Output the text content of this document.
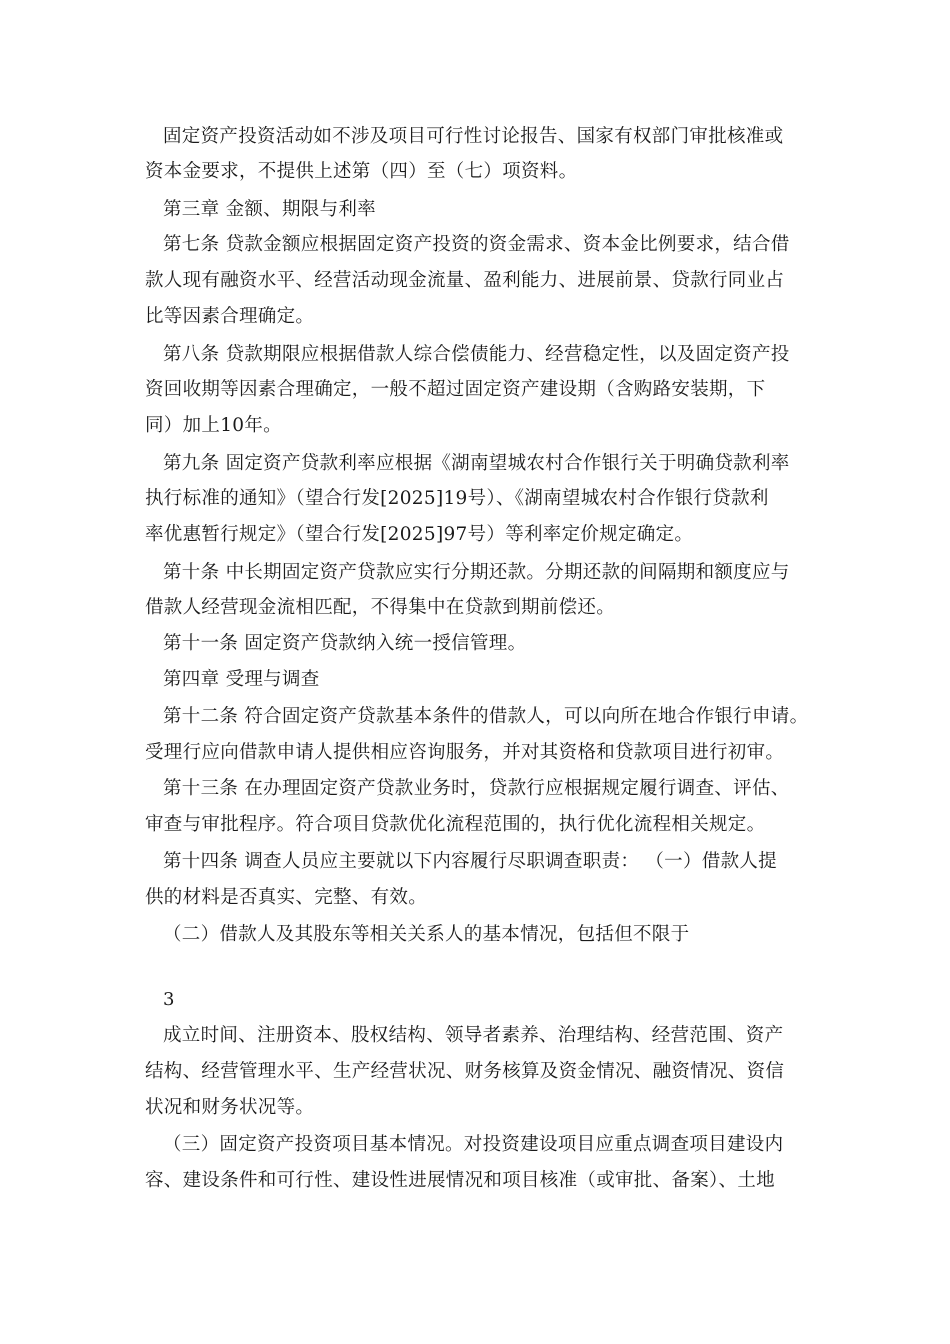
固定资产投资活动如不涉及项目可行性讨论报告、国家有权部门审批核准或
资本金要求，不提供上述第（四）至（七）项资料。
第三章 金额、期限与利率
第七条 贷款金额应根据固定资产投资的资金需求、资本金比例要求，结合借
款人现有融资水平、经营活动现金流量、盈利能力、进展前景、贷款行同业占
比等因素合理确定。
第八条 贷款期限应根据借款人综合偿债能力、经营稳定性，以及固定资产投
资回收期等因素合理确定，一般不超过固定资产建设期（含购路安装期，下
同）加上10年。
第九条 固定资产贷款利率应根据《湖南望城农村合作银行关于明确贷款利率
执行标准的通知》（望合行发[2025]19号）、《湖南望城农村合作银行贷款利
率优惠暂行规定》（望合行发[2025]97号）等利率定价规定确定。
第十条 中长期固定资产贷款应实行分期还款。分期还款的间隔期和额度应与
借款人经营现金流相匹配，不得集中在贷款到期前偿还。
第十一条 固定资产贷款纳入统一授信管理。
第四章 受理与调查
第十二条 符合固定资产贷款基本条件的借款人，可以向所在地合作银行申请。
受理行应向借款申请人提供相应咨询服务，并对其资格和贷款项目进行初审。
第十三条 在办理固定资产贷款业务时，贷款行应根据规定履行调查、评估、
审查与审批程序。符合项目贷款优化流程范围的，执行优化流程相关规定。
第十四条 调查人员应主要就以下内容履行尽职调查职责： （一）借款人提
供的材料是否真实、完整、有效。
（二）借款人及其股东等相关关系人的基本情况，包括但不限于
3
成立时间、注册资本、股权结构、领导者素养、治理结构、经营范围、资产
结构、经营管理水平、生产经营状况、财务核算及资金情况、融资情况、资信
状况和财务状况等。
（三）固定资产投资项目基本情况。对投资建设项目应重点调查项目建设内
容、建设条件和可行性、建设性进展情况和项目核准（或审批、备案）、土地
